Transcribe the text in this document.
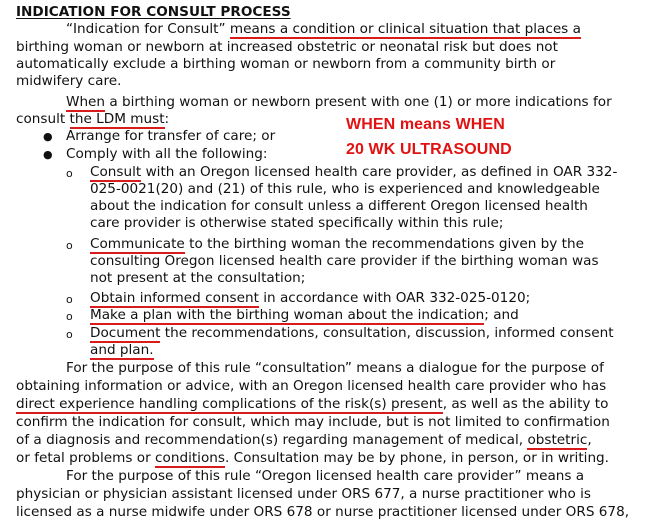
INDICATION FOR CONSULT PROCESS
“Indication for Consult” means a condition or clinical situation that places a
birthing woman or newborn at increased obstetric or neonatal risk but does not
automatically exclude a birthing woman or newborn from a community birth or
midwifery care.
When a birthing woman or newborn present with one (1) or more indications for
consult the LDM must:
● Arrange for transfer of care; or
● Comply with all the following:
WHEN means WHEN
20 WK ULTRASOUND
o Consult with an Oregon licensed health care provider, as defined in OAR 332-
025-0021(20) and (21) of this rule, who is experienced and knowledgeable
about the indication for consult unless a different Oregon licensed health
care provider is otherwise stated specifically within this rule;
o Communicate to the birthing woman the recommendations given by the
consulting Oregon licensed health care provider if the birthing woman was
not present at the consultation;
o Obtain informed consent in accordance with OAR 332-025-0120;
o Make a plan with the birthing woman about the indication; and
o Document the recommendations, consultation, discussion, informed consent
and plan.
For the purpose of this rule “consultation” means a dialogue for the purpose of
obtaining information or advice, with an Oregon licensed health care provider who has
direct experience handling complications of the risk(s) present, as well as the ability to
confirm the indication for consult, which may include, but is not limited to confirmation
of a diagnosis and recommendation(s) regarding management of medical, obstetric,
or fetal problems or conditions. Consultation may be by phone, in person, or in writing.
For the purpose of this rule “Oregon licensed health care provider” means a
physician or physician assistant licensed under ORS 677, a nurse practitioner who is
licensed as a nurse midwife under ORS 678 or nurse practitioner licensed under ORS 678,
